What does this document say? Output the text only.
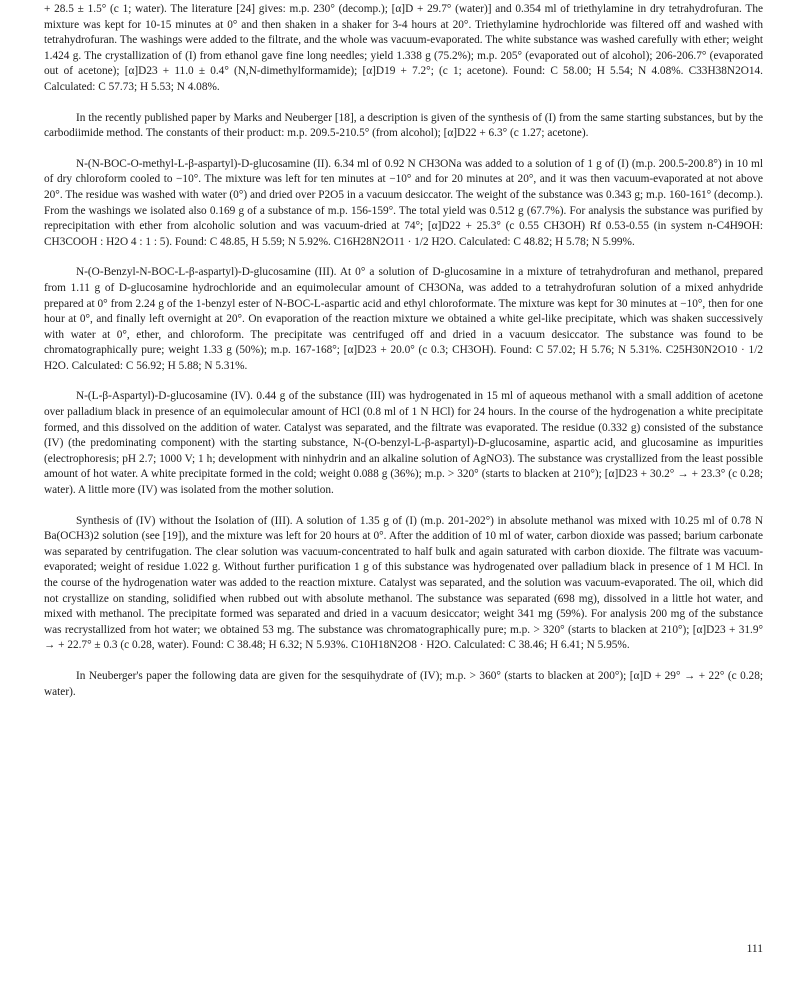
+ 28.5 ± 1.5° (c 1; water). The literature [24] gives: m.p. 230° (decomp.); [α]D + 29.7° (water)] and 0.354 ml of triethylamine in dry tetrahydrofuran. The mixture was kept for 10-15 minutes at 0° and then shaken in a shaker for 3-4 hours at 20°. Triethylamine hydrochloride was filtered off and washed with tetrahydrofuran. The washings were added to the filtrate, and the whole was vacuum-evaporated. The white substance was washed carefully with ether; weight 1.424 g. The crystallization of (I) from ethanol gave fine long needles; yield 1.338 g (75.2%); m.p. 205° (evaporated out of alcohol); 206-206.7° (evaporated out of acetone); [α]D23 + 11.0 ± 0.4° (N,N-dimethylformamide); [α]D19 + 7.2°; (c 1; acetone). Found: C 58.00; H 5.54; N 4.08%. C33H38N2O14. Calculated: C 57.73; H 5.53; N 4.08%.

In the recently published paper by Marks and Neuberger [18], a description is given of the synthesis of (I) from the same starting substances, but by the carbodiimide method. The constants of their product: m.p. 209.5-210.5° (from alcohol); [α]D22 + 6.3° (c 1.27; acetone).

N-(N-BOC-O-methyl-L-β-aspartyl)-D-glucosamine (II). 6.34 ml of 0.92 N CH3ONa was added to a solution of 1 g of (I) (m.p. 200.5-200.8°) in 10 ml of dry chloroform cooled to −10°. The mixture was left for ten minutes at −10° and for 20 minutes at 20°, and it was then vacuum-evaporated at not above 20°. The residue was washed with water (0°) and dried over P2O5 in a vacuum desiccator. The weight of the substance was 0.343 g; m.p. 160-161° (decomp.). From the washings we isolated also 0.169 g of a substance of m.p. 156-159°. The total yield was 0.512 g (67.7%). For analysis the substance was purified by reprecipitation with ether from alcoholic solution and was vacuum-dried at 74°; [α]D22 + 25.3° (c 0.55 CH3OH) Rf 0.53-0.55 (in system n-C4H9OH: CH3COOH : H2O 4 : 1 : 5). Found: C 48.85, H 5.59; N 5.92%. C16H28N2O11 · 1/2 H2O. Calculated: C 48.82; H 5.78; N 5.99%.

N-(O-Benzyl-N-BOC-L-β-aspartyl)-D-glucosamine (III). At 0° a solution of D-glucosamine in a mixture of tetrahydrofuran and methanol, prepared from 1.11 g of D-glucosamine hydrochloride and an equimolecular amount of CH3ONa, was added to a tetrahydrofuran solution of a mixed anhydride prepared at 0° from 2.24 g of the 1-benzyl ester of N-BOC-L-aspartic acid and ethyl chloroformate. The mixture was kept for 30 minutes at −10°, then for one hour at 0°, and finally left overnight at 20°. On evaporation of the reaction mixture we obtained a white gel-like precipitate, which was shaken successively with water at 0°, ether, and chloroform. The precipitate was centrifuged off and dried in a vacuum desiccator. The substance was found to be chromatographically pure; weight 1.33 g (50%); m.p. 167-168°; [α]D23 + 20.0° (c 0.3; CH3OH). Found: C 57.02; H 5.76; N 5.31%. C25H30N2O10 · 1/2 H2O. Calculated: C 56.92; H 5.88; N 5.31%.

N-(L-β-Aspartyl)-D-glucosamine (IV). 0.44 g of the substance (III) was hydrogenated in 15 ml of aqueous methanol with a small addition of acetone over palladium black in presence of an equimolecular amount of HCl (0.8 ml of 1 N HCl) for 24 hours. In the course of the hydrogenation a white precipitate formed, and this dissolved on the addition of water. Catalyst was separated, and the filtrate was evaporated. The residue (0.332 g) consisted of the substance (IV) (the predominating component) with the starting substance, N-(O-benzyl-L-β-aspartyl)-D-glucosamine, aspartic acid, and glucosamine as impurities (electrophoresis; pH 2.7; 1000 V; 1 h; development with ninhydrin and an alkaline solution of AgNO3). The substance was crystallized from the least possible amount of hot water. A white precipitate formed in the cold; weight 0.088 g (36%); m.p. > 320° (starts to blacken at 210°); [α]D23 + 30.2° → + 23.3° (c 0.28; water). A little more (IV) was isolated from the mother solution.

Synthesis of (IV) without the Isolation of (III). A solution of 1.35 g of (I) (m.p. 201-202°) in absolute methanol was mixed with 10.25 ml of 0.78 N Ba(OCH3)2 solution (see [19]), and the mixture was left for 20 hours at 0°. After the addition of 10 ml of water, carbon dioxide was passed; barium carbonate was separated by centrifugation. The clear solution was vacuum-concentrated to half bulk and again saturated with carbon dioxide. The filtrate was vacuum-evaporated; weight of residue 1.022 g. Without further purification 1 g of this substance was hydrogenated over palladium black in presence of 1 M HCl. In the course of the hydrogenation water was added to the reaction mixture. Catalyst was separated, and the solution was vacuum-evaporated. The oil, which did not crystallize on standing, solidified when rubbed out with absolute methanol. The substance was separated (698 mg), dissolved in a little hot water, and mixed with methanol. The precipitate formed was separated and dried in a vacuum desiccator; weight 341 mg (59%). For analysis 200 mg of the substance was recrystallized from hot water; we obtained 53 mg. The substance was chromatographically pure; m.p. > 320° (starts to blacken at 210°); [α]D23 + 31.9° → + 22.7° ± 0.3 (c 0.28, water). Found: C 38.48; H 6.32; N 5.93%. C10H18N2O8 · H2O. Calculated: C 38.46; H 6.41; N 5.95%.

In Neuberger's paper the following data are given for the sesquihydrate of (IV); m.p. > 360° (starts to blacken at 200°); [α]D + 29° → + 22° (c 0.28; water).

111
